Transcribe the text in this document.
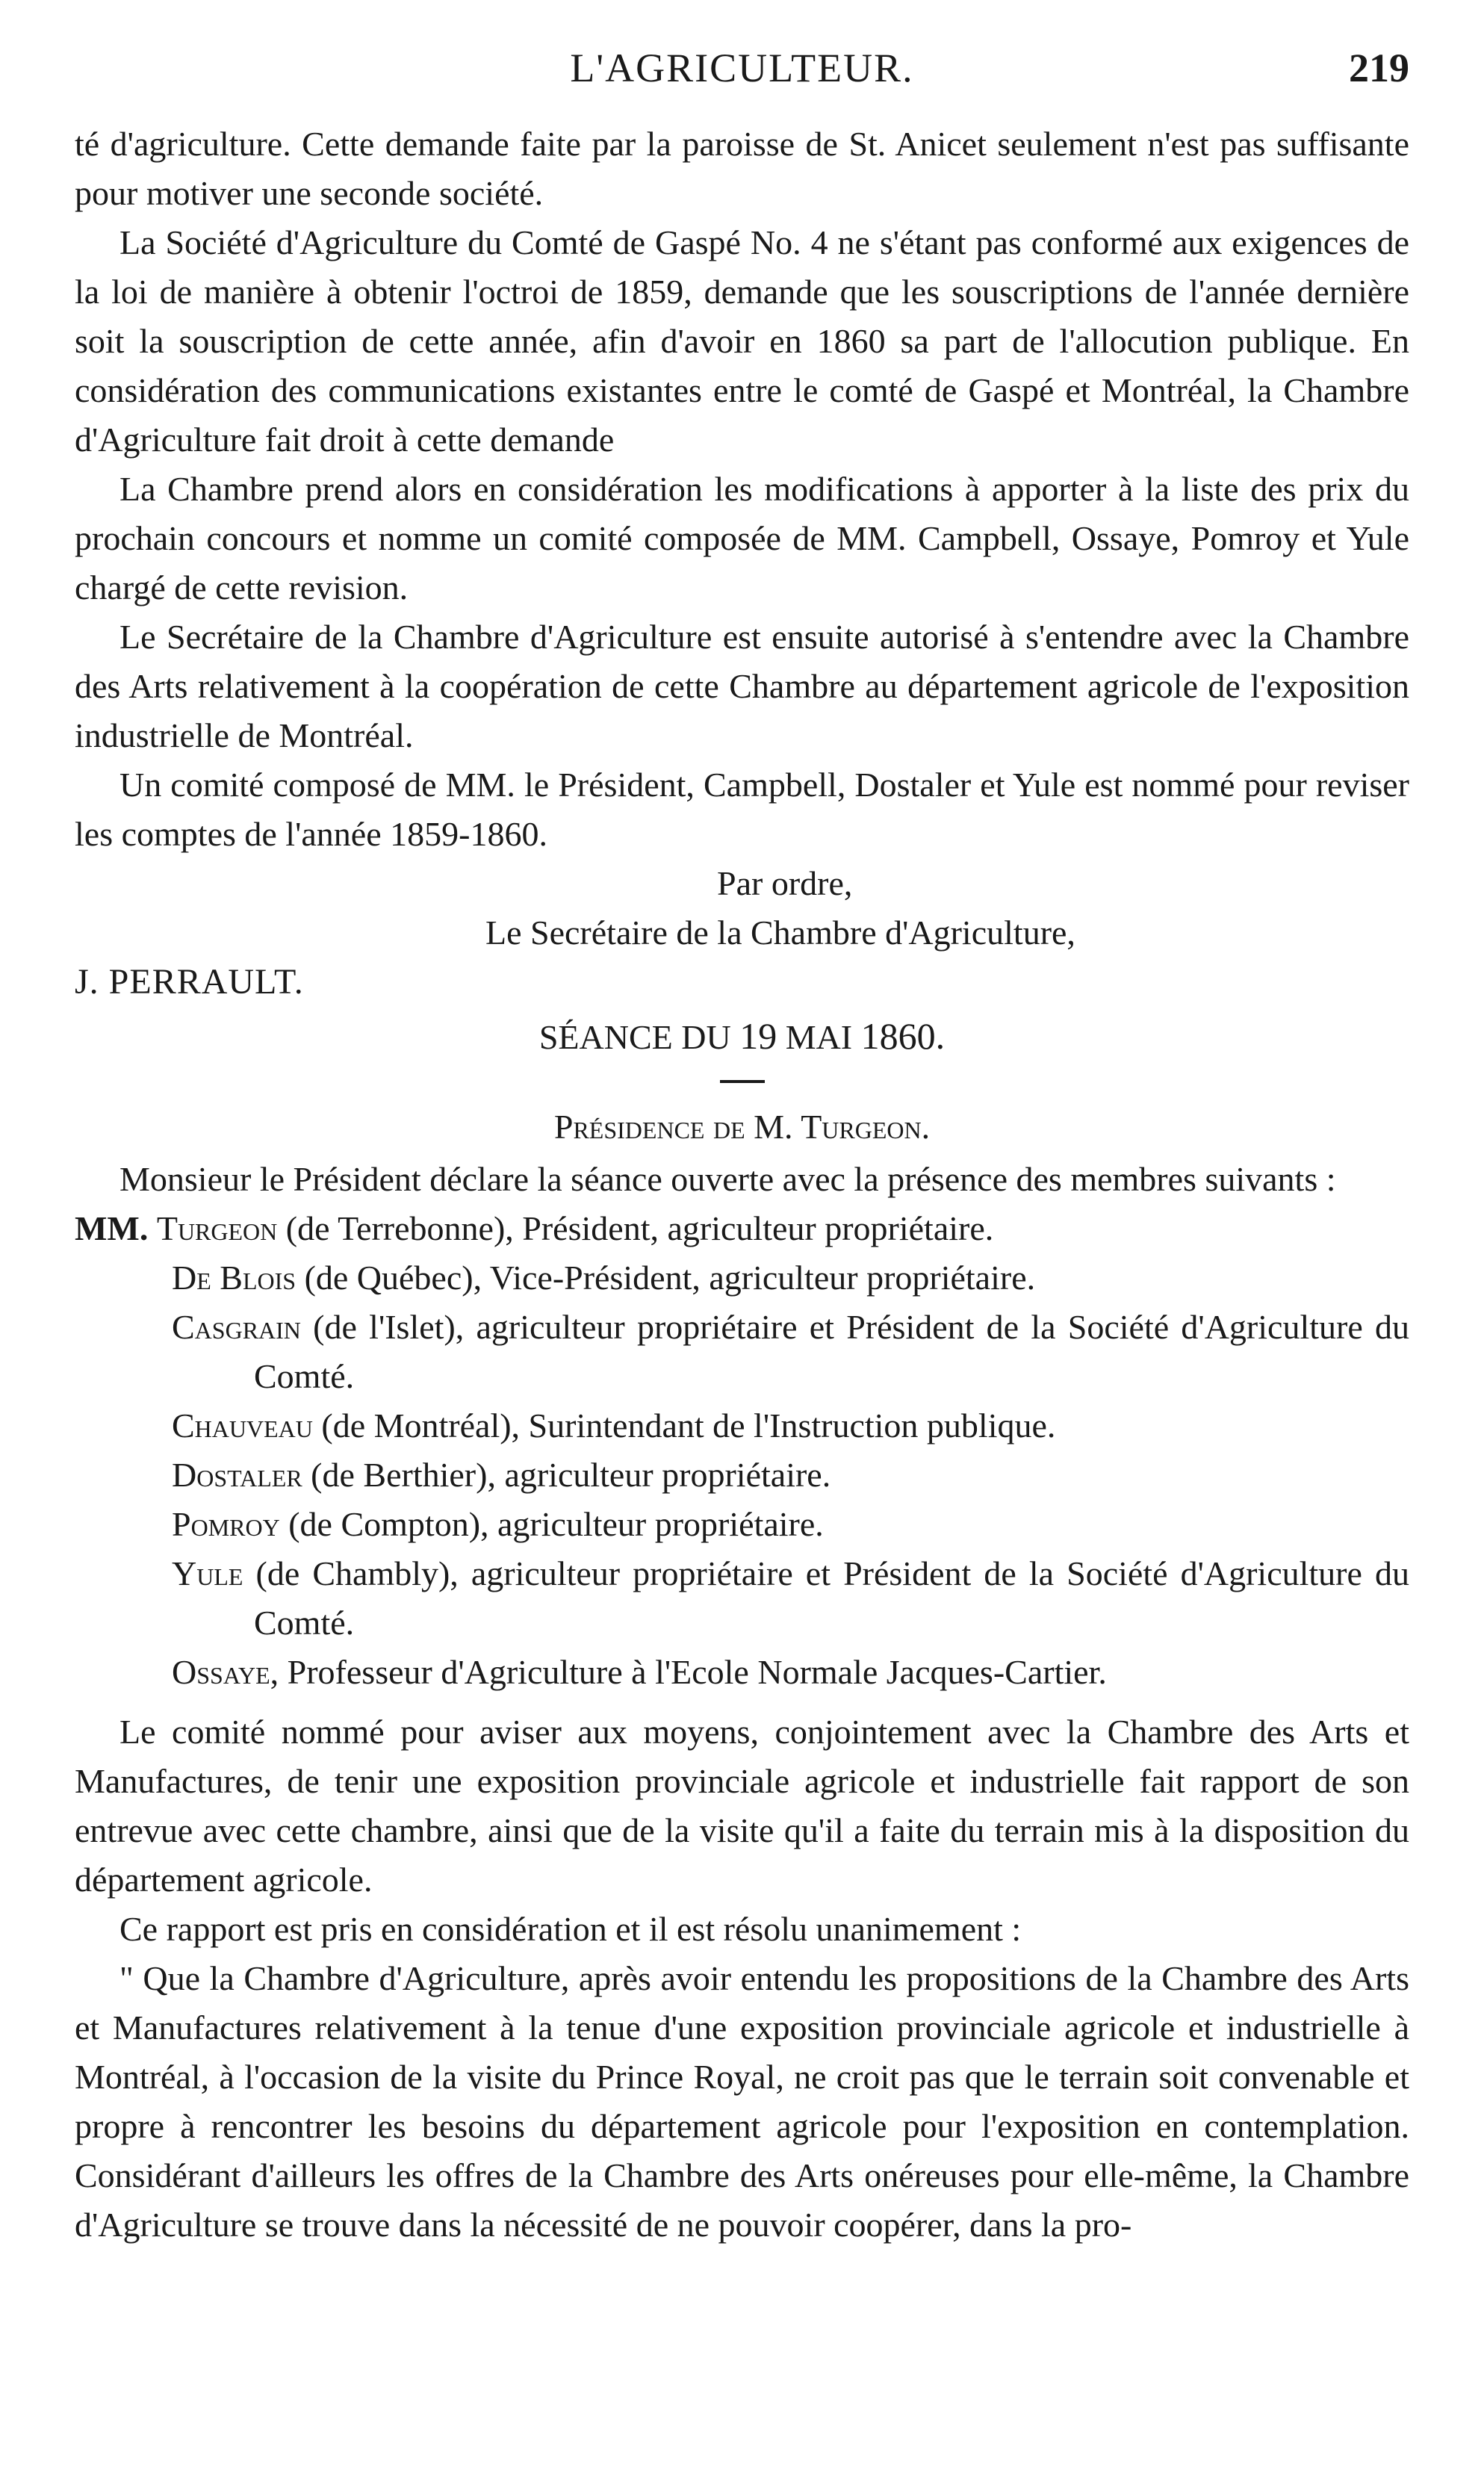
L'AGRICULTEUR.	219

té d'agriculture. Cette demande faite par la paroisse de St. Anicet seulement n'est pas suffisante pour motiver une seconde société.

La Société d'Agriculture du Comté de Gaspé No. 4 ne s'étant pas conformé aux exigences de la loi de manière à obtenir l'octroi de 1859, demande que les souscriptions de l'année dernière soit la souscription de cette année, afin d'avoir en 1860 sa part de l'allocution publique. En considération des communications existantes entre le comté de Gaspé et Montréal, la Chambre d'Agriculture fait droit à cette demande

La Chambre prend alors en considération les modifications à apporter à la liste des prix du prochain concours et nomme un comité composée de MM. Campbell, Ossaye, Pomroy et Yule chargé de cette revision.

Le Secrétaire de la Chambre d'Agriculture est ensuite autorisé à s'entendre avec la Chambre des Arts relativement à la coopération de cette Chambre au département agricole de l'exposition industrielle de Montréal.

Un comité composé de MM. le Président, Campbell, Dostaler et Yule est nommé pour reviser les comptes de l'année 1859-1860.

Par ordre,

Le Secrétaire de la Chambre d'Agriculture,

J. PERRAULT.

SÉANCE DU 19 MAI 1860.

Présidence de M. Turgeon.

Monsieur le Président déclare la séance ouverte avec la présence des membres suivants :

MM. Turgeon (de Terrebonne), Président, agriculteur propriétaire.
De Blois (de Québec), Vice-Président, agriculteur propriétaire.
Casgrain (de l'Islet), agriculteur propriétaire et Président de la Société d'Agriculture du Comté.
Chauveau (de Montréal), Surintendant de l'Instruction publique.
Dostaler (de Berthier), agriculteur propriétaire.
Pomroy (de Compton), agriculteur propriétaire.
Yule (de Chambly), agriculteur propriétaire et Président de la Société d'Agriculture du Comté.
Ossaye, Professeur d'Agriculture à l'Ecole Normale Jacques-Cartier.

Le comité nommé pour aviser aux moyens, conjointement avec la Chambre des Arts et Manufactures, de tenir une exposition provinciale agricole et industrielle fait rapport de son entrevue avec cette chambre, ainsi que de la visite qu'il a faite du terrain mis à la disposition du département agricole.

Ce rapport est pris en considération et il est résolu unanimement :

" Que la Chambre d'Agriculture, après avoir entendu les propositions de la Chambre des Arts et Manufactures relativement à la tenue d'une exposition provinciale agricole et industrielle à Montréal, à l'occasion de la visite du Prince Royal, ne croit pas que le terrain soit convenable et propre à rencontrer les besoins du département agricole pour l'exposition en contemplation. Considérant d'ailleurs les offres de la Chambre des Arts onéreuses pour elle-même, la Chambre d'Agriculture se trouve dans la nécessité de ne pouvoir coopérer, dans la pro-
